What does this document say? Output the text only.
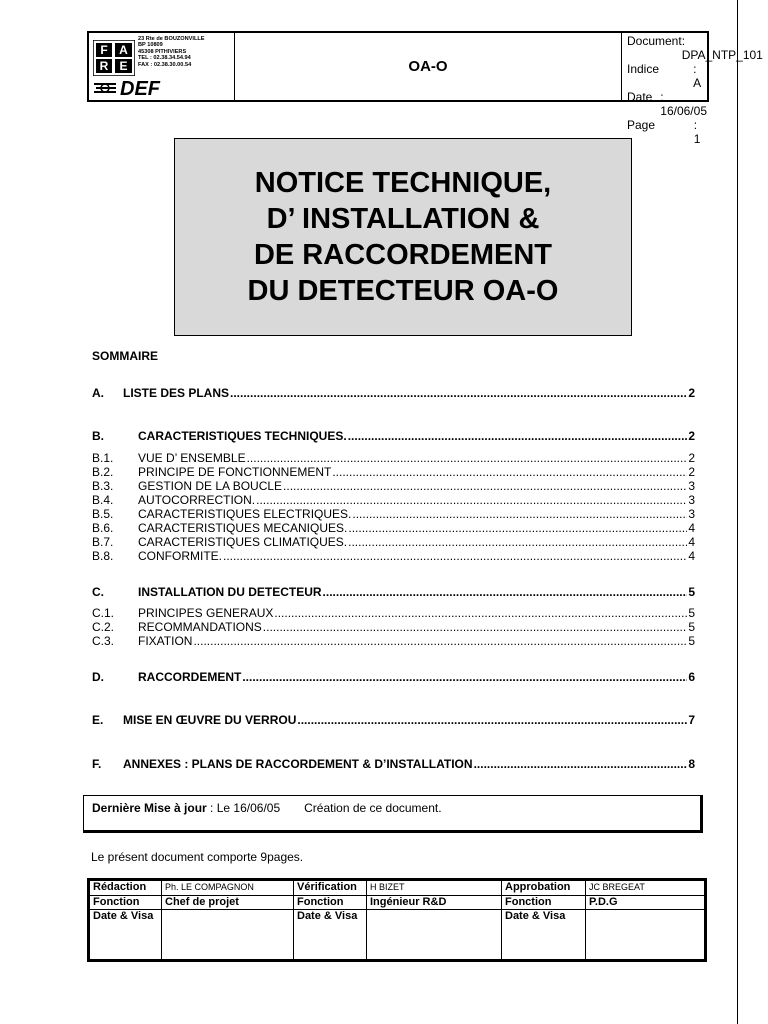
F A
R E
23 Rte de BOUZONVILLE
BP 10809
45308 PITHIVIERS
TEL : 02.38.34.54.94
FAX : 02.38.30.00.54
DEF
OA-O
Document : DPA_NTP_101
Indice	: A
Date : 16/06/05
Page	: 1
NOTICE TECHNIQUE,
D’ INSTALLATION &
DE RACCORDEMENT
DU DETECTEUR OA-O
SOMMAIRE
A.	LISTE DES PLANS .....	2
B.	CARACTERISTIQUES TECHNIQUES. .....	2
B.1.	VUE D’ ENSEMBLE .....	2
B.2.	PRINCIPE DE FONCTIONNEMENT .....	2
B.3.	GESTION DE LA BOUCLE .....	3
B.4.	AUTOCORRECTION. .....	3
B.5.	CARACTERISTIQUES ELECTRIQUES. .....	3
B.6.	CARACTERISTIQUES MECANIQUES. .....	4
B.7.	CARACTERISTIQUES CLIMATIQUES. .....	4
B.8.	CONFORMITE. .....	4
C.	INSTALLATION DU DETECTEUR .....	5
C.1.	PRINCIPES GENERAUX .....	5
C.2.	RECOMMANDATIONS .....	5
C.3.	FIXATION .....	5
D.	RACCORDEMENT .....	6
E.	MISE EN ŒUVRE DU VERROU .....	7
F.	ANNEXES : PLANS DE RACCORDEMENT & D’INSTALLATION .....	8
Dernière Mise à jour : Le 16/06/05 Création de ce document.
Le présent document comporte 9pages.
Rédaction	Ph. LE COMPAGNON	Vérification	H BIZET	Approbation	JC BREGEAT
Fonction	Chef de projet	Fonction	Ingénieur R&D	Fonction	P.D.G
Date & Visa		Date & Visa		Date & Visa	
